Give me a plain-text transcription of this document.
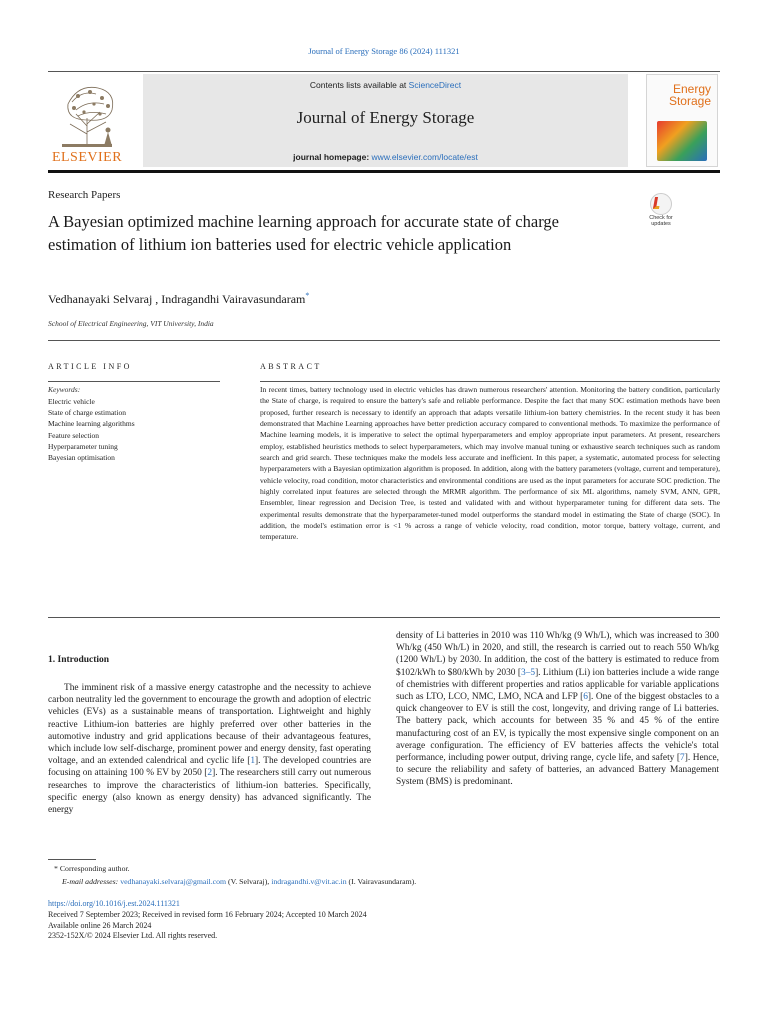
Journal of Energy Storage 86 (2024) 111321
ELSEVIER
Contents lists available at ScienceDirect
Journal of Energy Storage
journal homepage: www.elsevier.com/locate/est
Energy
Storage
Research Papers
A Bayesian optimized machine learning approach for accurate state of charge estimation of lithium ion batteries used for electric vehicle application
Check for
updates
Vedhanayaki Selvaraj , Indragandhi Vairavasundaram*
School of Electrical Engineering, VIT University, India
ARTICLE INFO
Keywords:
Electric vehicle
State of charge estimation
Machine learning algorithms
Feature selection
Hyperparameter tuning
Bayesian optimisation
ABSTRACT
In recent times, battery technology used in electric vehicles has drawn numerous researchers' attention. Monitoring the battery condition, particularly the State of charge, is required to ensure the battery's safe and reliable performance. Despite the fact that many SOC estimation methods have been proposed, further research is necessary to identify an approach that adapts versatile lithium-ion battery chemistries. In the recent study it has been demonstrated that Machine Learning approaches have better prediction accuracy compared to conventional methods. To maximize the performance of Machine learning models, it is imperative to select the optimal hyperparameters and employ appropriate input parameters. At present, researchers employ, established heuristics methods to select hyperparameters, which may involve manual tuning or exhaustive search techniques such as random search and grid search. These techniques make the models less accurate and inefficient. In this paper, a systematic, automated process for selecting hyperparameters with a Bayesian optimization algorithm is proposed. In addition, along with the battery parameters (voltage, current and temperature), vehicle velocity, road condition, motor characteristics and environmental conditions are used as the input parameters for accurate SOC prediction. The highly correlated input features are selected through the MRMR algorithm. The performance of six ML algorithms, namely SVM, ANN, GPR, Ensembler, linear regression and Decision Tree, is tested and validated with and without hyperparameter tuning for different data sets. The experimental results demonstrate that the hyperparameter-tuned model outperforms the standard model in estimating the State of charge (SOC). In addition, the model's estimation error is <1 % across a range of vehicle velocity, road condition, motor torque, battery voltage, current, and temperature.
1. Introduction
The imminent risk of a massive energy catastrophe and the necessity to achieve carbon neutrality led the government to encourage the growth and adoption of electric vehicles (EVs) as a sustainable means of transportation. Lightweight and highly reactive Lithium-ion batteries are highly preferred over other batteries in the automotive industry and grid applications because of their advantageous features, which include low self-discharge, prominent power and energy density, fast operating voltage, and an extended calendrical and cyclic life [1]. The developed countries are focusing on attaining 100 % EV by 2050 [2]. The researchers still carry out numerous researches to improve the characteristics of lithium-ion batteries. Specifically, specific energy (also known as energy density) has advanced significantly. The energy
density of Li batteries in 2010 was 110 Wh/kg (9 Wh/L), which was increased to 300 Wh/kg (450 Wh/L) in 2020, and still, the research is carried out to reach 550 Wh/kg (1200 Wh/L) by 2030. In addition, the cost of the battery is estimated to reduce from $102/kWh to $80/kWh by 2030 [3–5]. Lithium (Li) ion batteries include a wide range of chemistries with different properties and ratios applicable for variable applications such as LTO, LCO, NMC, LMO, NCA and LFP [6]. One of the biggest obstacles to a quick changeover to EV is still the cost, longevity, and driving range of Li batteries. The battery pack, which accounts for between 35 % and 45 % of the entire manufacturing cost of an EV, is typically the most expensive single component on an average configuration. The efficiency of EV batteries affects the vehicle's total performance, including power output, driving range, cycle life, and safety [7]. Hence, to secure the reliability and safety of batteries, an advanced Battery Management System (BMS) is predominant.
* Corresponding author.
E-mail addresses: vedhanayaki.selvaraj@gmail.com (V. Selvaraj), indragandhi.v@vit.ac.in (I. Vairavasundaram).
https://doi.org/10.1016/j.est.2024.111321
Received 7 September 2023; Received in revised form 16 February 2024; Accepted 10 March 2024
Available online 26 March 2024
2352-152X/© 2024 Elsevier Ltd. All rights reserved.
